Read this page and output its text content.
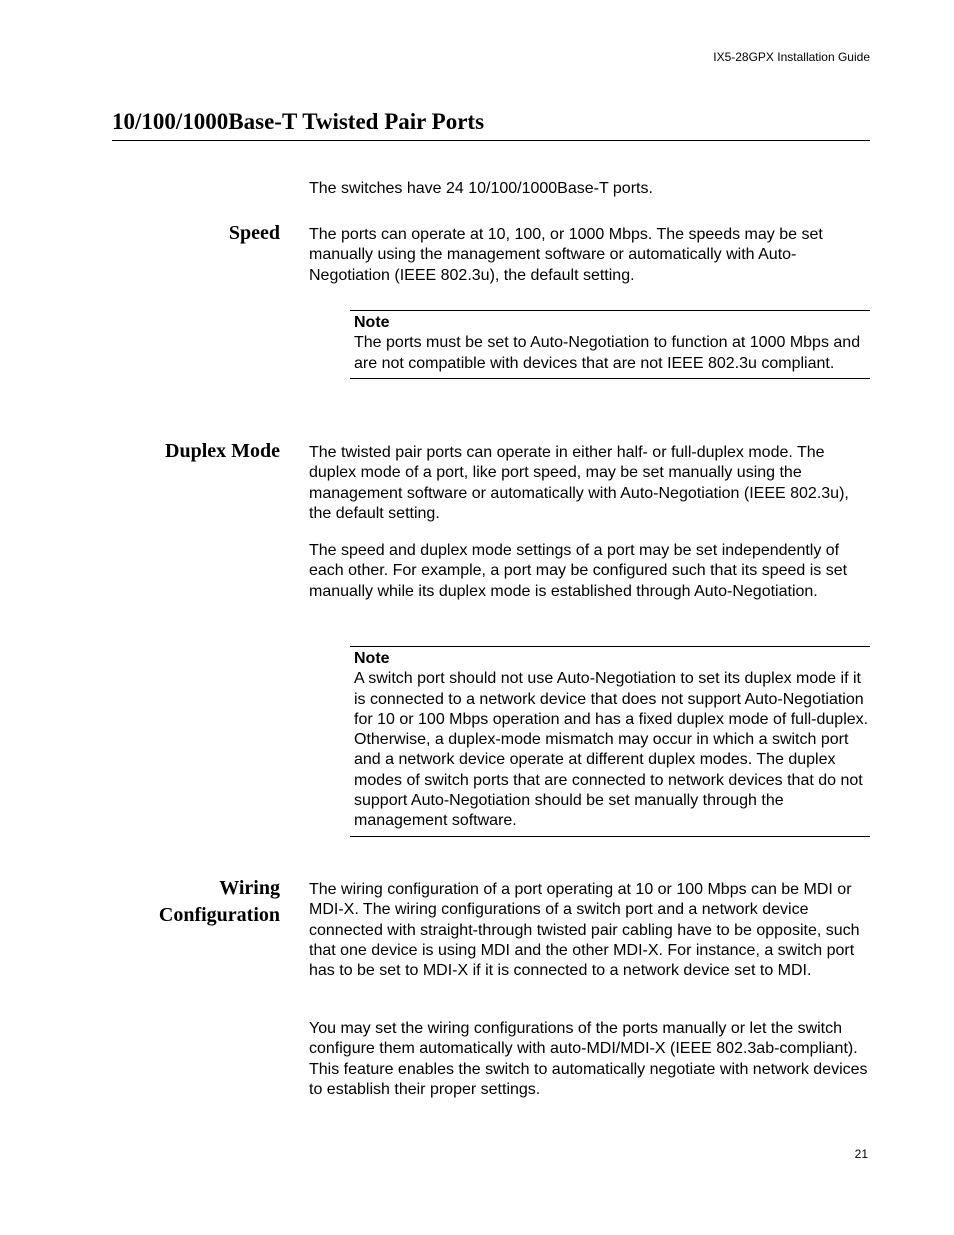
IX5-28GPX Installation Guide
10/100/1000Base-T Twisted Pair Ports

The switches have 24 10/100/1000Base-T ports.

Speed The ports can operate at 10, 100, or 1000 Mbps. The speeds may be set manually using the management software or automatically with Auto-Negotiation (IEEE 802.3u), the default setting.

Note
The ports must be set to Auto-Negotiation to function at 1000 Mbps and are not compatible with devices that are not IEEE 802.3u compliant.
Duplex Mode The twisted pair ports can operate in either half- or full-duplex mode. The duplex mode of a port, like port speed, may be set manually using the management software or automatically with Auto-Negotiation (IEEE 802.3u), the default setting.

The speed and duplex mode settings of a port may be set independently of each other. For example, a port may be configured such that its speed is set manually while its duplex mode is established through Auto-Negotiation.

Note
A switch port should not use Auto-Negotiation to set its duplex mode if it is connected to a network device that does not support Auto-Negotiation for 10 or 100 Mbps operation and has a fixed duplex mode of full-duplex. Otherwise, a duplex-mode mismatch may occur in which a switch port and a network device operate at different duplex modes. The duplex modes of switch ports that are connected to network devices that do not support Auto-Negotiation should be set manually through the management software.
Wiring
Configuration

The wiring configuration of a port operating at 10 or 100 Mbps can be MDI or MDI-X. The wiring configurations of a switch port and a network device connected with straight-through twisted pair cabling have to be opposite, such that one device is using MDI and the other MDI-X. For instance, a switch port has to be set to MDI-X if it is connected to a network device set to MDI.

You may set the wiring configurations of the ports manually or let the switch configure them automatically with auto-MDI/MDI-X (IEEE 802.3ab-compliant). This feature enables the switch to automatically negotiate with network devices to establish their proper settings.

21
